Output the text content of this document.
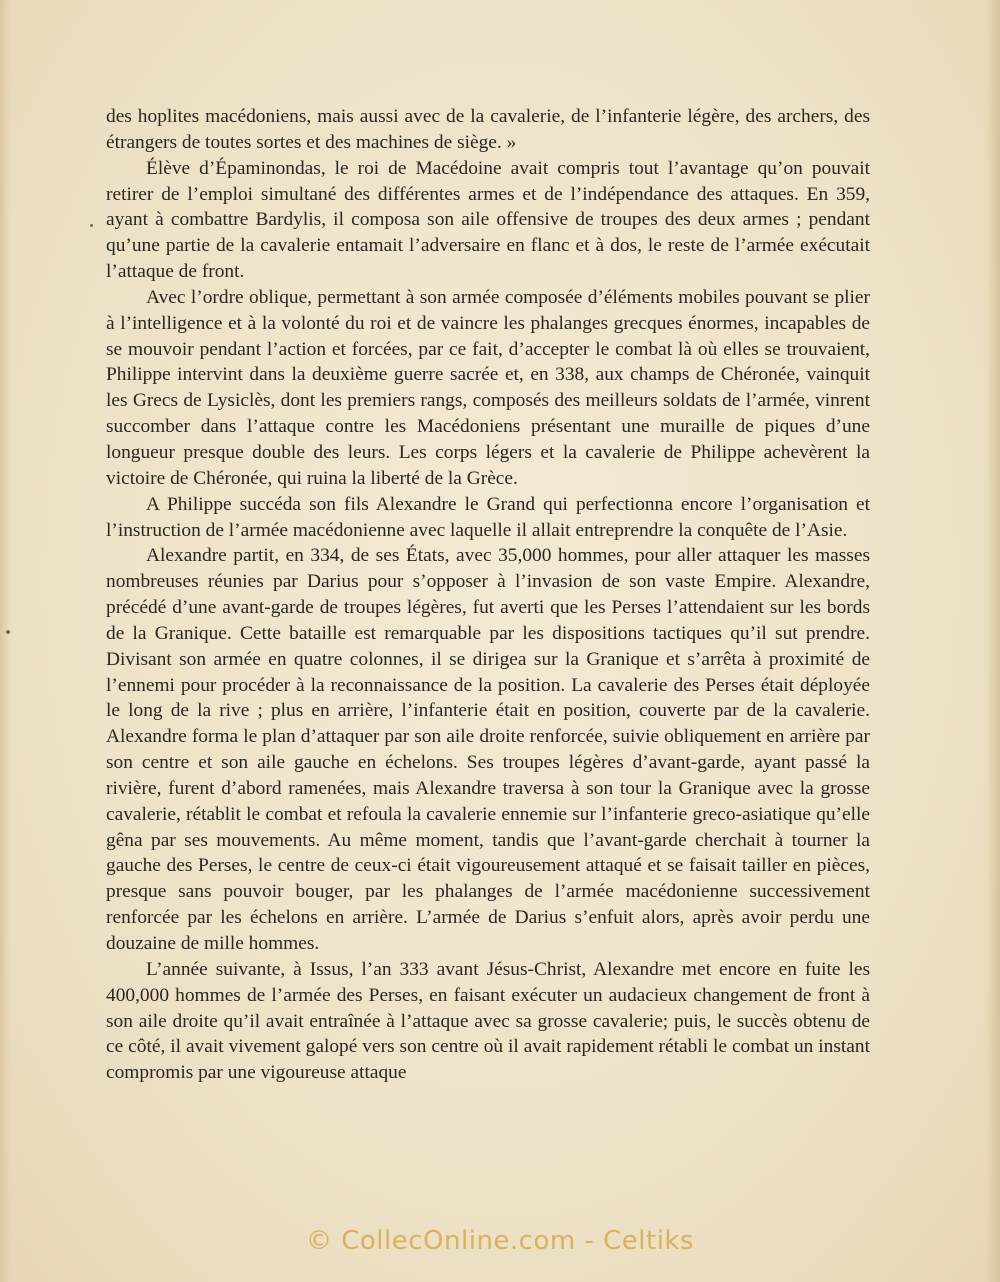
des hoplites macédoniens, mais aussi avec de la cavalerie, de l’infanterie légère, des archers, des étrangers de toutes sortes et des machines de siège. »

Élève d’Épaminondas, le roi de Macédoine avait compris tout l’avantage qu’on pouvait retirer de l’emploi simultané des différentes armes et de l’indépendance des attaques. En 359, ayant à combattre Bardylis, il composa son aile offensive de troupes des deux armes ; pendant qu’une partie de la cavalerie entamait l’adversaire en flanc et à dos, le reste de l’armée exécutait l’attaque de front.

Avec l’ordre oblique, permettant à son armée composée d’éléments mobiles pouvant se plier à l’intelligence et à la volonté du roi et de vaincre les phalanges grecques énormes, incapables de se mouvoir pendant l’action et forcées, par ce fait, d’accepter le combat là où elles se trouvaient, Philippe intervint dans la deuxième guerre sacrée et, en 338, aux champs de Chéronée, vainquit les Grecs de Lysiclès, dont les premiers rangs, composés des meilleurs soldats de l’armée, vinrent succomber dans l’attaque contre les Macédoniens présentant une muraille de piques d’une longueur presque double des leurs. Les corps légers et la cavalerie de Philippe achevèrent la victoire de Chéronée, qui ruina la liberté de la Grèce.

A Philippe succéda son fils Alexandre le Grand qui perfectionna encore l’organisation et l’instruction de l’armée macédonienne avec laquelle il allait entreprendre la conquête de l’Asie.

Alexandre partit, en 334, de ses États, avec 35,000 hommes, pour aller attaquer les masses nombreuses réunies par Darius pour s’opposer à l’invasion de son vaste Empire. Alexandre, précédé d’une avant-garde de troupes légères, fut averti que les Perses l’attendaient sur les bords de la Granique. Cette bataille est remarquable par les dispositions tactiques qu’il sut prendre. Divisant son armée en quatre colonnes, il se dirigea sur la Granique et s’arrêta à proximité de l’ennemi pour procéder à la reconnaissance de la position. La cavalerie des Perses était déployée le long de la rive ; plus en arrière, l’infanterie était en position, couverte par de la cavalerie. Alexandre forma le plan d’attaquer par son aile droite renforcée, suivie obliquement en arrière par son centre et son aile gauche en échelons. Ses troupes légères d’avant-garde, ayant passé la rivière, furent d’abord ramenées, mais Alexandre traversa à son tour la Granique avec la grosse cavalerie, rétablit le combat et refoula la cavalerie ennemie sur l’infanterie greco-asiatique qu’elle gêna par ses mouvements. Au même moment, tandis que l’avant-garde cherchait à tourner la gauche des Perses, le centre de ceux-ci était vigoureusement attaqué et se faisait tailler en pièces, presque sans pouvoir bouger, par les phalanges de l’armée macédonienne successivement renforcée par les échelons en arrière. L’armée de Darius s’enfuit alors, après avoir perdu une douzaine de mille hommes.

L’année suivante, à Issus, l’an 333 avant Jésus-Christ, Alexandre met encore en fuite les 400,000 hommes de l’armée des Perses, en faisant exécuter un audacieux changement de front à son aile droite qu’il avait entraînée à l’attaque avec sa grosse cavalerie; puis, le succès obtenu de ce côté, il avait vivement galopé vers son centre où il avait rapidement rétabli le combat un instant compromis par une vigoureuse attaque

© CollecOnline.com - Celtiks
